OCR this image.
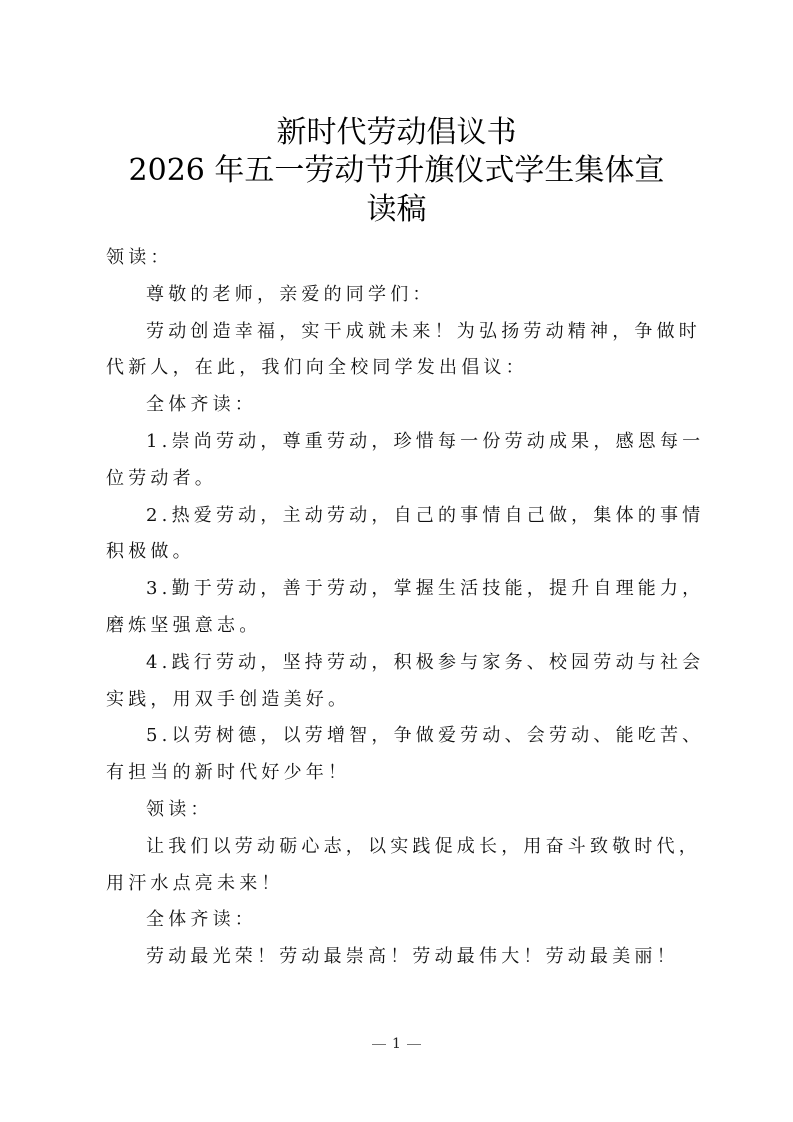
新时代劳动倡议书
2026 年五一劳动节升旗仪式学生集体宣
读稿
领读：
尊敬的老师，亲爱的同学们：
劳动创造幸福，实干成就未来！为弘扬劳动精神，争做时
代新人，在此，我们向全校同学发出倡议：
全体齐读：
1.崇尚劳动，尊重劳动，珍惜每一份劳动成果，感恩每一
位劳动者。
2.热爱劳动，主动劳动，自己的事情自己做，集体的事情
积极做。
3.勤于劳动，善于劳动，掌握生活技能，提升自理能力，
磨炼坚强意志。
4.践行劳动，坚持劳动，积极参与家务、校园劳动与社会
实践，用双手创造美好。
5.以劳树德，以劳增智，争做爱劳动、会劳动、能吃苦、
有担当的新时代好少年！
领读：
让我们以劳动砺心志，以实践促成长，用奋斗致敬时代，
用汗水点亮未来！
全体齐读：
劳动最光荣！劳动最崇高！劳动最伟大！劳动最美丽！
1
